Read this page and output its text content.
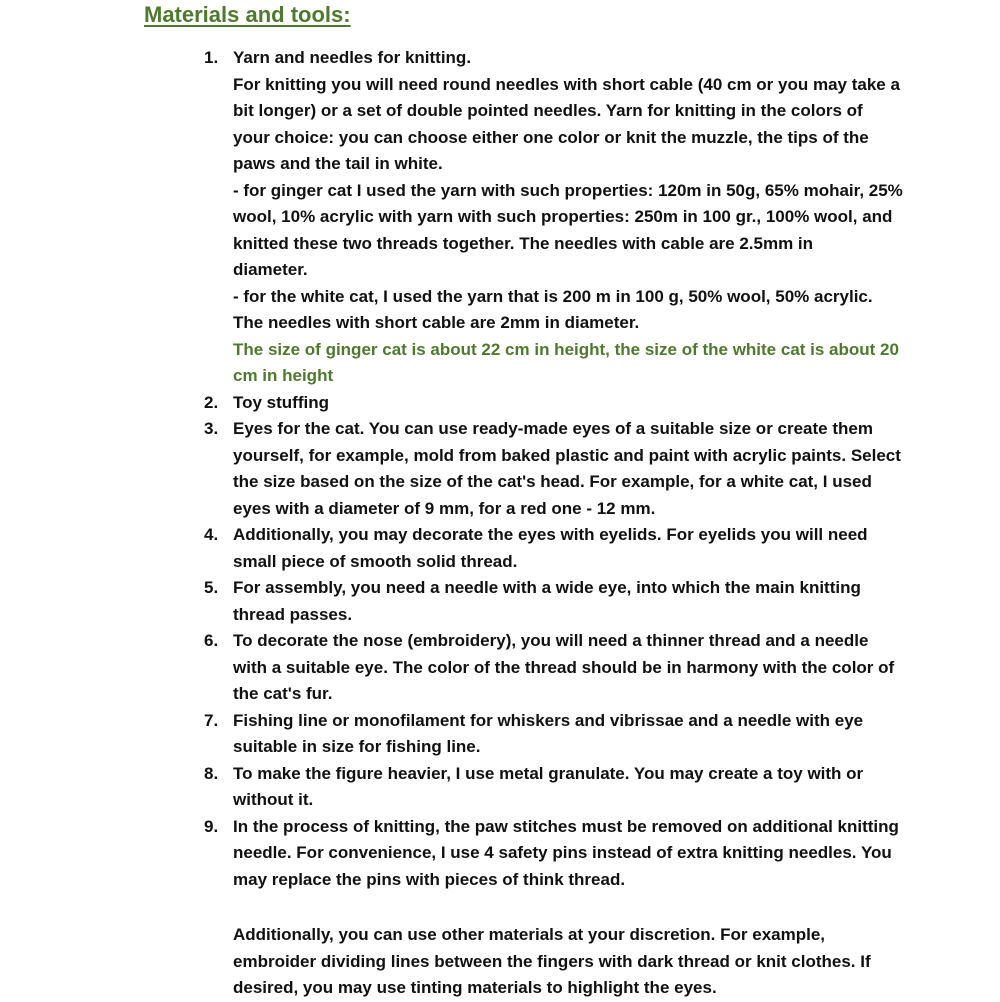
Materials and tools:
1. Yarn and needles for knitting.
For knitting you will need round needles with short cable (40 cm or you may take a
bit longer) or a set of double pointed needles. Yarn for knitting in the colors of
your choice: you can choose either one color or knit the muzzle, the tips of the
paws and the tail in white.
- for ginger cat I used the yarn with such properties: 120m in 50g, 65% mohair, 25%
wool, 10% acrylic with yarn with such properties: 250m in 100 gr., 100% wool, and
knitted these two threads together. The needles with cable are 2.5mm in
diameter.
- for the white cat, I used the yarn that is 200 m in 100 g, 50% wool, 50% acrylic.
The needles with short cable are 2mm in diameter.
The size of ginger cat is about 22 cm in height, the size of the white cat is about 20
cm in height
2. Toy stuffing
3. Eyes for the cat. You can use ready-made eyes of a suitable size or create them
yourself, for example, mold from baked plastic and paint with acrylic paints. Select
the size based on the size of the cat's head. For example, for a white cat, I used
eyes with a diameter of 9 mm, for a red one - 12 mm.
4. Additionally, you may decorate the eyes with eyelids. For eyelids you will need
small piece of smooth solid thread.
5. For assembly, you need a needle with a wide eye, into which the main knitting
thread passes.
6. To decorate the nose (embroidery), you will need a thinner thread and a needle
with a suitable eye. The color of the thread should be in harmony with the color of
the cat's fur.
7. Fishing line or monofilament for whiskers and vibrissae and a needle with eye
suitable in size for fishing line.
8. To make the figure heavier, I use metal granulate. You may create a toy with or
without it.
9. In the process of knitting, the paw stitches must be removed on additional knitting
needle. For convenience, I use 4 safety pins instead of extra knitting needles. You
may replace the pins with pieces of think thread.

Additionally, you can use other materials at your discretion. For example,
embroider dividing lines between the fingers with dark thread or knit clothes. If
desired, you may use tinting materials to highlight the eyes.
